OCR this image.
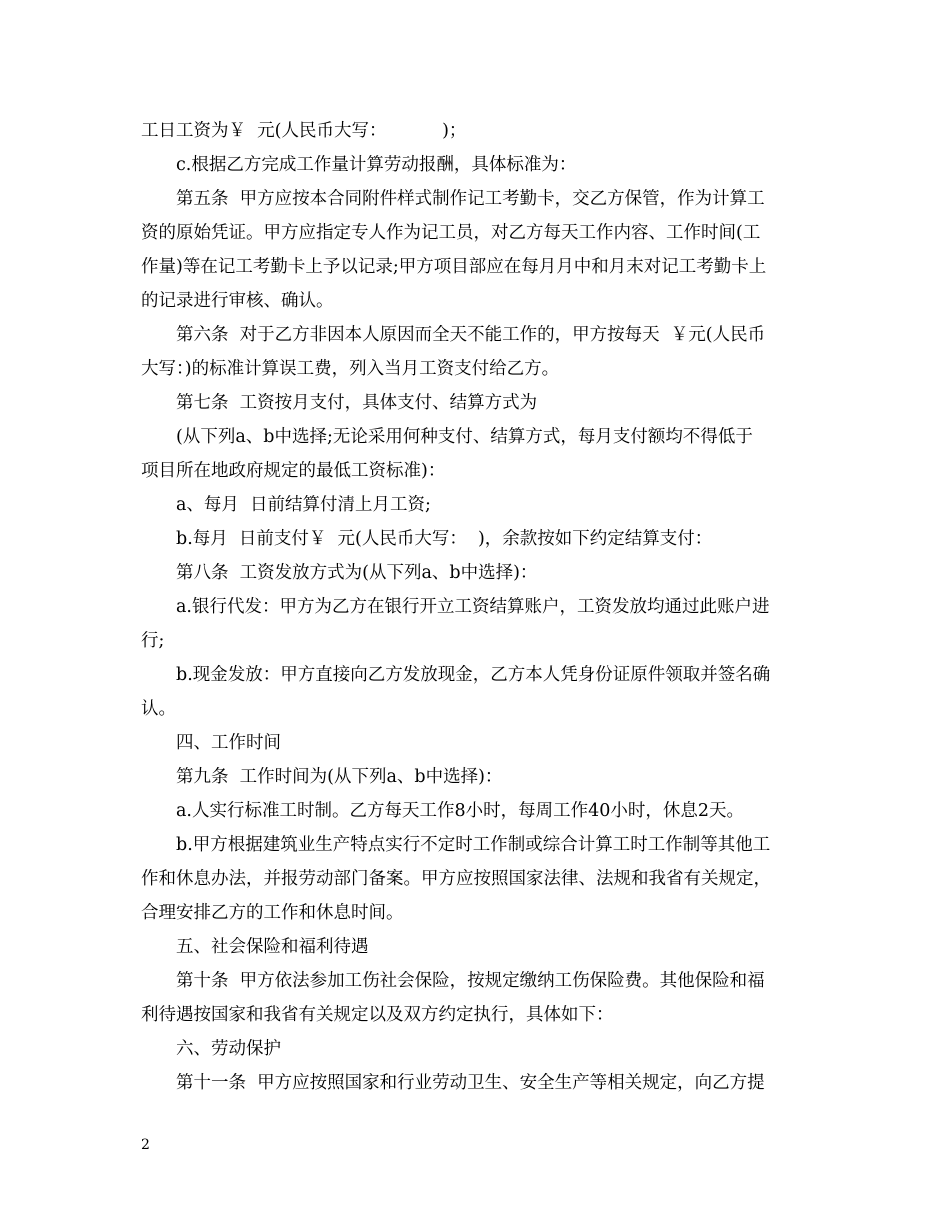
工日工资为￥  元(人民币大写：          )；
c.根据乙方完成工作量计算劳动报酬，具体标准为：
第五条  甲方应按本合同附件样式制作记工考勤卡，交乙方保管，作为计算工
资的原始凭证。甲方应指定专人作为记工员，对乙方每天工作内容、工作时间(工
作量)等在记工考勤卡上予以记录;甲方项目部应在每月月中和月末对记工考勤卡上
的记录进行审核、确认。
第六条  对于乙方非因本人原因而全天不能工作的，甲方按每天  ￥元(人民币
大写：)的标准计算误工费，列入当月工资支付给乙方。
第七条  工资按月支付，具体支付、结算方式为
(从下列a、b中选择;无论采用何种支付、结算方式，每月支付额均不得低于
项目所在地政府规定的最低工资标准)：
a、每月  日前结算付清上月工资;
b.每月  日前支付￥  元(人民币大写：  )，余款按如下约定结算支付：
第八条  工资发放方式为(从下列a、b中选择)：
a.银行代发：甲方为乙方在银行开立工资结算账户，工资发放均通过此账户进
行;
b.现金发放：甲方直接向乙方发放现金，乙方本人凭身份证原件领取并签名确
认。
四、工作时间
第九条  工作时间为(从下列a、b中选择)：
a.人实行标准工时制。乙方每天工作8小时，每周工作40小时，休息2天。
b.甲方根据建筑业生产特点实行不定时工作制或综合计算工时工作制等其他工
作和休息办法，并报劳动部门备案。甲方应按照国家法律、法规和我省有关规定，
合理安排乙方的工作和休息时间。
五、社会保险和福利待遇
第十条  甲方依法参加工伤社会保险，按规定缴纳工伤保险费。其他保险和福
利待遇按国家和我省有关规定以及双方约定执行，具体如下：
六、劳动保护
第十一条  甲方应按照国家和行业劳动卫生、安全生产等相关规定，向乙方提
2
